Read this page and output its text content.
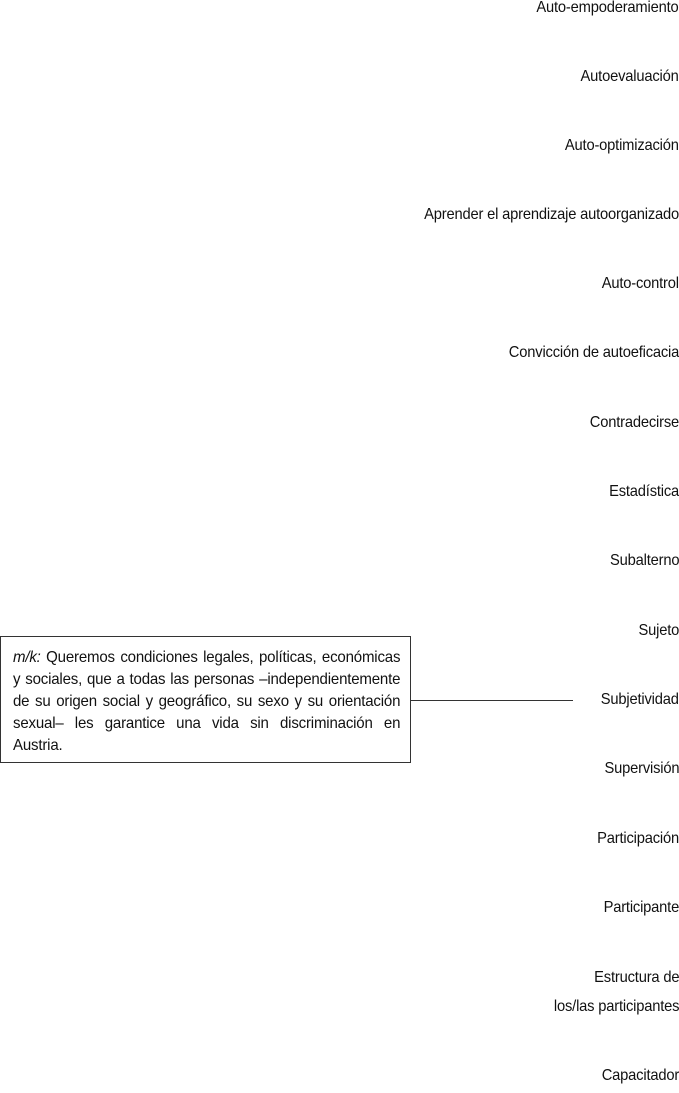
Auto-empoderamiento
Autoevaluación
Auto-optimización
Aprender el aprendizaje autoorganizado
Auto-control
Convicción de autoeficacia
Contradecirse
Estadística
Subalterno
Sujeto
Subjetividad
Supervisión
Participación
Participante
Estructura de
los/las participantes
Capacitador
m/k: Queremos condiciones legales, políticas, económicas y sociales, que a todas las personas –independientemente de su origen social y geográfico, su sexo y su orientación sexual– les garantice una vida sin discriminación en Austria.
